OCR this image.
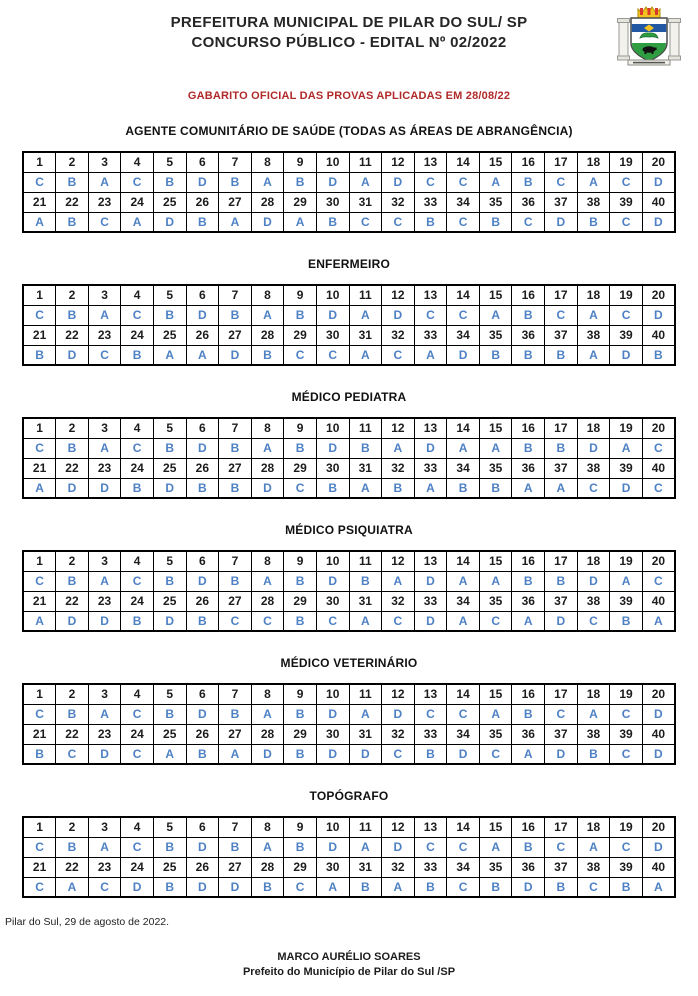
PREFEITURA MUNICIPAL DE PILAR DO SUL/ SP
CONCURSO PÚBLICO - EDITAL Nº 02/2022
GABARITO OFICIAL DAS PROVAS APLICADAS EM 28/08/22
AGENTE COMUNITÁRIO DE SAÚDE (TODAS AS ÁREAS DE ABRANGÊNCIA)
1	2	3	4	5	6	7	8	9	10	11	12	13	14	15	16	17	18	19	20
C	B	A	C	B	D	B	A	B	D	A	D	C	C	A	B	C	A	C	D
21	22	23	24	25	26	27	28	29	30	31	32	33	34	35	36	37	38	39	40
A	B	C	A	D	B	A	D	A	B	C	C	B	C	B	C	D	B	C	D
ENFERMEIRO
1	2	3	4	5	6	7	8	9	10	11	12	13	14	15	16	17	18	19	20
C	B	A	C	B	D	B	A	B	D	A	D	C	C	A	B	C	A	C	D
21	22	23	24	25	26	27	28	29	30	31	32	33	34	35	36	37	38	39	40
B	D	C	B	A	A	D	B	C	C	A	C	A	D	B	B	B	A	D	B
MÉDICO PEDIATRA
1	2	3	4	5	6	7	8	9	10	11	12	13	14	15	16	17	18	19	20
C	B	A	C	B	D	B	A	B	D	B	A	D	A	A	B	B	D	A	C
21	22	23	24	25	26	27	28	29	30	31	32	33	34	35	36	37	38	39	40
A	D	D	B	D	B	B	D	C	B	A	B	A	B	B	A	A	C	D	C
MÉDICO PSIQUIATRA
1	2	3	4	5	6	7	8	9	10	11	12	13	14	15	16	17	18	19	20
C	B	A	C	B	D	B	A	B	D	B	A	D	A	A	B	B	D	A	C
21	22	23	24	25	26	27	28	29	30	31	32	33	34	35	36	37	38	39	40
A	D	D	B	D	B	C	C	B	C	A	C	D	A	C	A	D	C	B	A
MÉDICO VETERINÁRIO
1	2	3	4	5	6	7	8	9	10	11	12	13	14	15	16	17	18	19	20
C	B	A	C	B	D	B	A	B	D	A	D	C	C	A	B	C	A	C	D
21	22	23	24	25	26	27	28	29	30	31	32	33	34	35	36	37	38	39	40
B	C	D	C	A	B	A	D	B	D	D	C	B	D	C	A	D	B	C	D
TOPÓGRAFO
1	2	3	4	5	6	7	8	9	10	11	12	13	14	15	16	17	18	19	20
C	B	A	C	B	D	B	A	B	D	A	D	C	C	A	B	C	A	C	D
21	22	23	24	25	26	27	28	29	30	31	32	33	34	35	36	37	38	39	40
C	A	C	D	B	D	D	B	C	A	B	A	B	C	B	D	B	C	B	A
Pilar do Sul, 29 de agosto de 2022.
MARCO AURÉLIO SOARES
Prefeito do Município de Pilar do Sul /SP
